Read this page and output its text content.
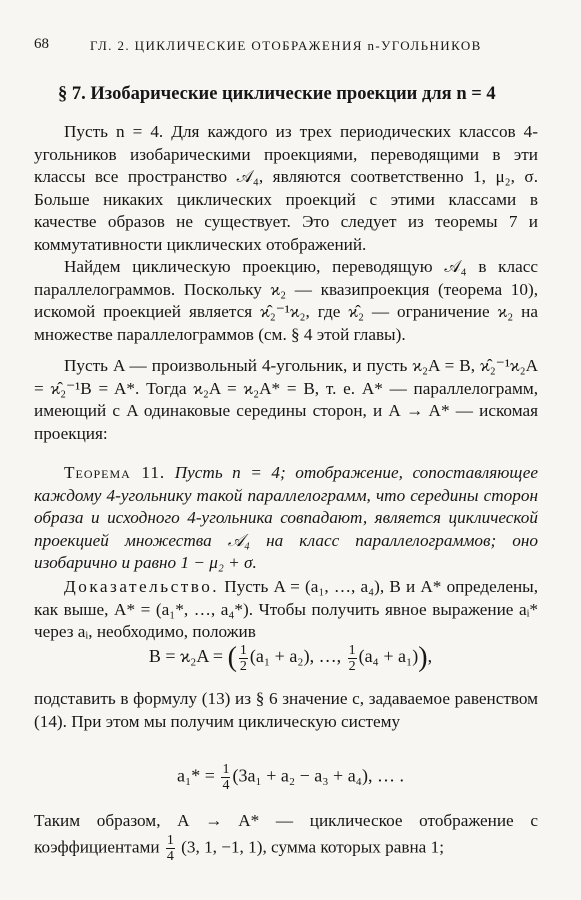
68	ГЛ. 2. ЦИКЛИЧЕСКИЕ ОТОБРАЖЕНИЯ n-УГОЛЬНИКОВ
§ 7. Изобарические циклические проекции для n = 4

Пусть n = 4. Для каждого из трех периодических классов 4-угольников изобарическими проекциями, переводящими в эти классы все пространство 𝒜₄, являются соответственно 1, μ₂, σ. Больше никаких циклических проекций с этими классами в качестве образов не существует. Это следует из теоремы 7 и коммутативности циклических отображений.

Найдем циклическую проекцию, переводящую 𝒜₄ в класс параллелограммов. Поскольку ϰ₂ — квазипроекция (теорема 10), искомой проекцией является ϰ̂₂⁻¹ϰ₂, где ϰ̂₂ — ограничение ϰ₂ на множестве параллелограммов (см. § 4 этой главы).

Пусть A — произвольный 4-угольник, и пусть ϰ₂A = B, ϰ̂₂⁻¹ϰ₂A = ϰ̂₂⁻¹B = A*. Тогда ϰ₂A = ϰ₂A* = B, т. е. A* — параллелограмм, имеющий с A одинаковые середины сторон, и A → A* — искомая проекция:

Теорема 11. Пусть n = 4; отображение, сопоставляющее каждому 4-угольнику такой параллелограмм, что середины сторон образа и исходного 4-угольника совпадают, является циклической проекцией множества 𝒜₄ на класс параллелограммов; оно изобарично и равно 1 − μ₂ + σ.

Доказательство. Пусть A = (a₁, …, a₄), B и A* определены, как выше, A* = (a₁*, …, a₄*). Чтобы получить явное выражение aᵢ* через aᵢ, необходимо, положив

B = ϰ₂A = ( $\frac{1}{2} (a_1 + a_2)$, …, $\frac{1}{2} (a_4 + a_1)$),

подставить в формулу (13) из § 6 значение c, задаваемое равенством (14). При этом мы получим циклическую систему

$a_1* = \frac{1}{4} (3a_1 + a_2 - a_3 + a_4)$, … .

Таким образом, A → A* — циклическое отображение с коэффициентами $\frac{1}{4} (3$, 1, −1, 1), сумма которых равна 1;
